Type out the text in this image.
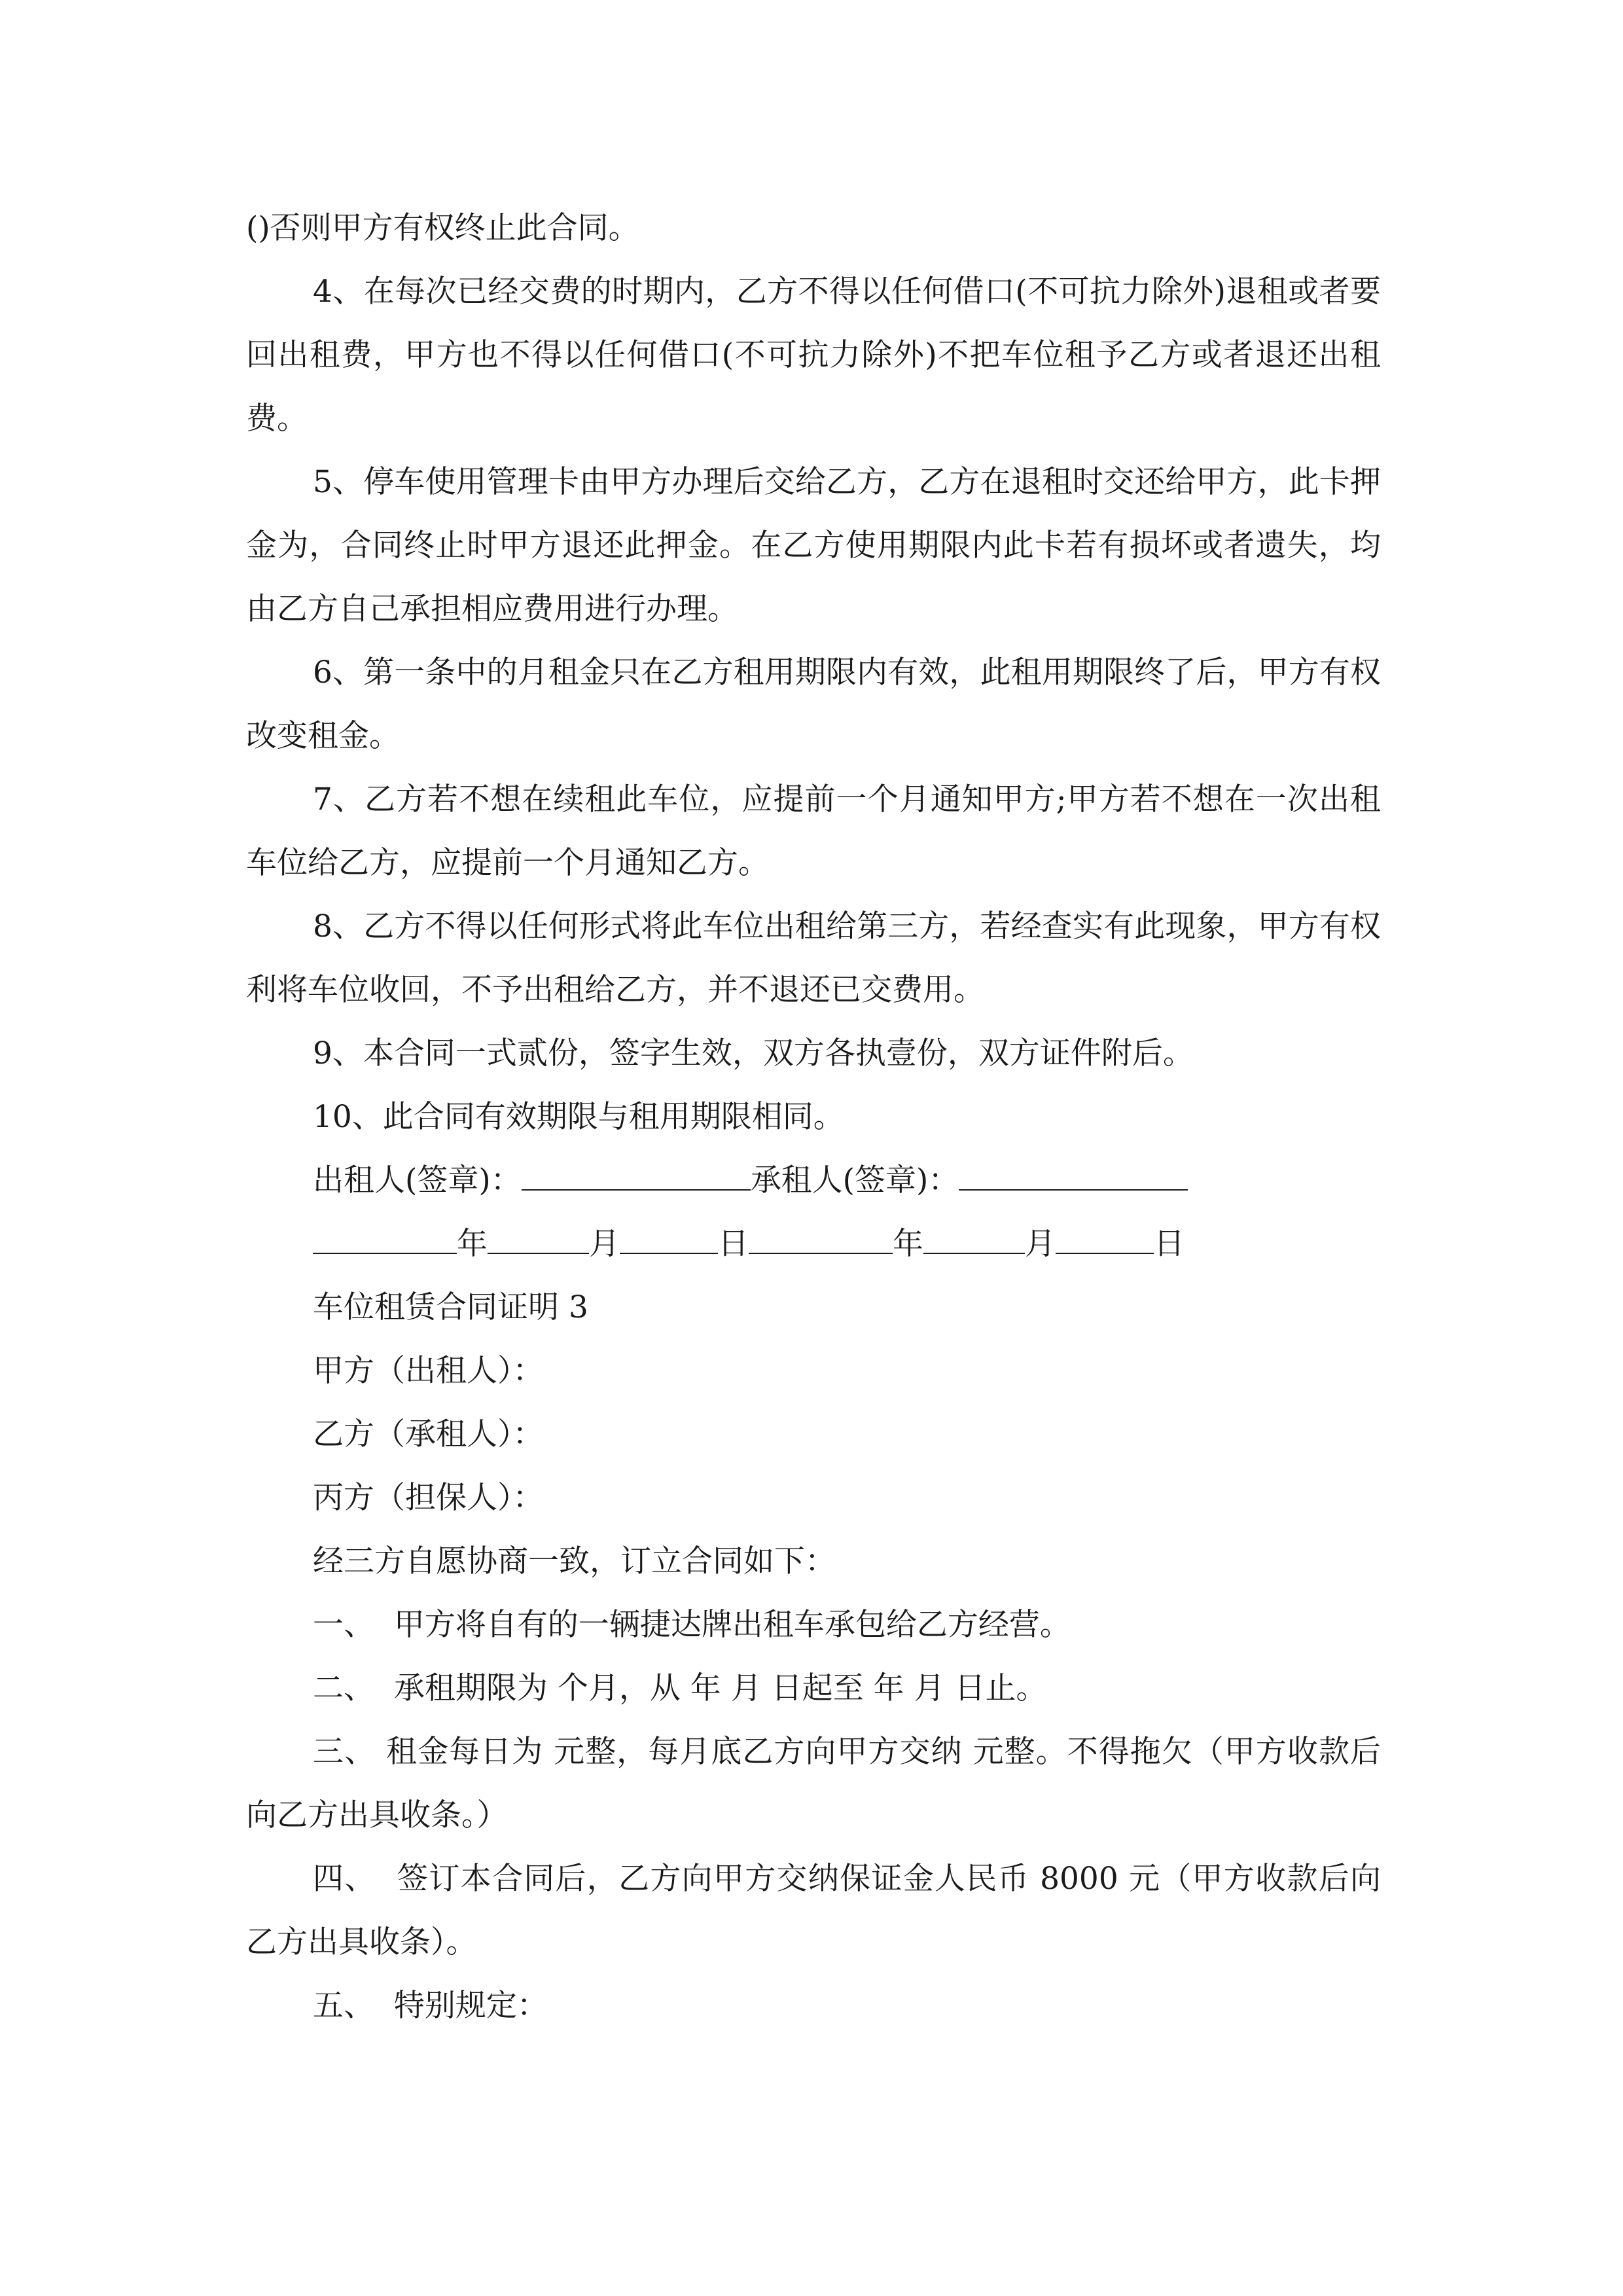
()否则甲方有权终止此合同。

4、在每次已经交费的时期内，乙方不得以任何借口(不可抗力除外)退租或者要回出租费，甲方也不得以任何借口(不可抗力除外)不把车位租予乙方或者退还出租费。

5、停车使用管理卡由甲方办理后交给乙方，乙方在退租时交还给甲方，此卡押金为，合同终止时甲方退还此押金。在乙方使用期限内此卡若有损坏或者遗失，均由乙方自己承担相应费用进行办理。

6、第一条中的月租金只在乙方租用期限内有效，此租用期限终了后，甲方有权改变租金。

7、乙方若不想在续租此车位，应提前一个月通知甲方;甲方若不想在一次出租车位给乙方，应提前一个月通知乙方。

8、乙方不得以任何形式将此车位出租给第三方，若经查实有此现象，甲方有权利将车位收回，不予出租给乙方，并不退还已交费用。

9、本合同一式贰份，签字生效，双方各执壹份，双方证件附后。

10、此合同有效期限与租用期限相同。

出租人(签章)：	承租人(签章)：
年	月	日	年	月	日

车位租赁合同证明 3

甲方（出租人）：

乙方（承租人）：

丙方（担保人）：

经三方自愿协商一致，订立合同如下：

一、  甲方将自有的一辆捷达牌出租车承包给乙方经营。

二、  承租期限为 个月，从 年 月 日起至 年 月 日止。

三、 租金每日为 元整，每月底乙方向甲方交纳 元整。不得拖欠（甲方收款后向乙方出具收条。）

四、  签订本合同后，乙方向甲方交纳保证金人民币 8000 元（甲方收款后向乙方出具收条）。

五、  特别规定：
